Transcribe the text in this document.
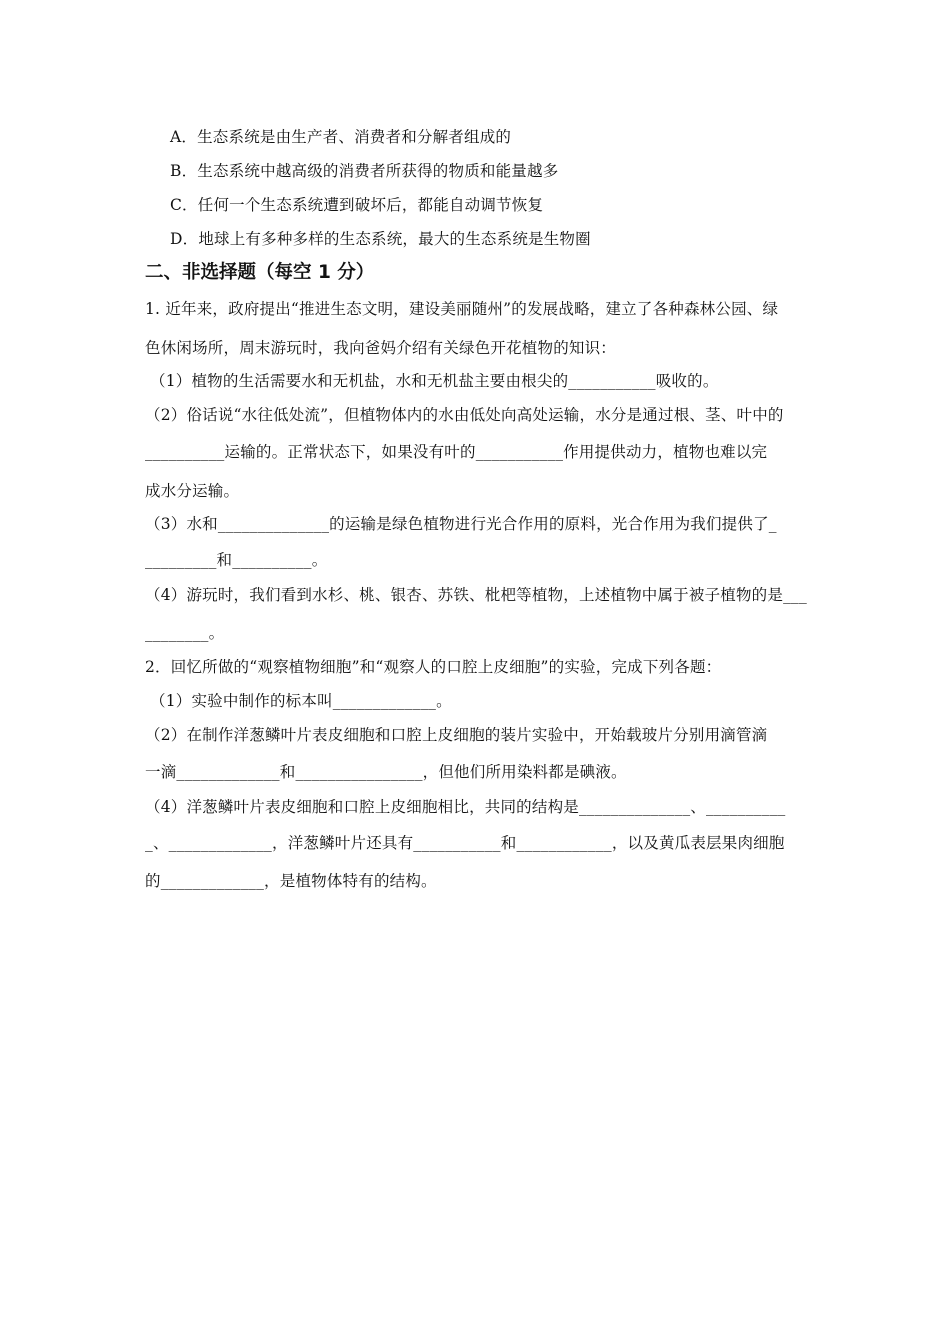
A．生态系统是由生产者、消费者和分解者组成的
B．生态系统中越高级的消费者所获得的物质和能量越多
C．任何一个生态系统遭到破坏后，都能自动调节恢复
D．地球上有多种多样的生态系统，最大的生态系统是生物圈
二、非选择题（每空 1 分）
1. 近年来，政府提出“推进生态文明，建设美丽随州”的发展战略，建立了各种森林公园、绿
色休闲场所，周末游玩时，我向爸妈介绍有关绿色开花植物的知识：
（1）植物的生活需要水和无机盐，水和无机盐主要由根尖的___________吸收的。
（2）俗话说“水往低处流”，但植物体内的水由低处向高处运输，水分是通过根、茎、叶中的
__________运输的。正常状态下，如果没有叶的___________作用提供动力，植物也难以完
成水分运输。
（3）水和______________的运输是绿色植物进行光合作用的原料，光合作用为我们提供了_
_________和__________。
（4）游玩时，我们看到水杉、桃、银杏、苏铁、枇杷等植物，上述植物中属于被子植物的是___
________。
2．回忆所做的“观察植物细胞”和“观察人的口腔上皮细胞”的实验，完成下列各题：
（1）实验中制作的标本叫_____________。
（2）在制作洋葱鳞叶片表皮细胞和口腔上皮细胞的装片实验中，开始载玻片分别用滴管滴
一滴_____________和________________，但他们所用染料都是碘液。
（4）洋葱鳞叶片表皮细胞和口腔上皮细胞相比，共同的结构是______________、__________
_、_____________，洋葱鳞叶片还具有___________和____________，以及黄瓜表层果肉细胞
的_____________，是植物体特有的结构。
